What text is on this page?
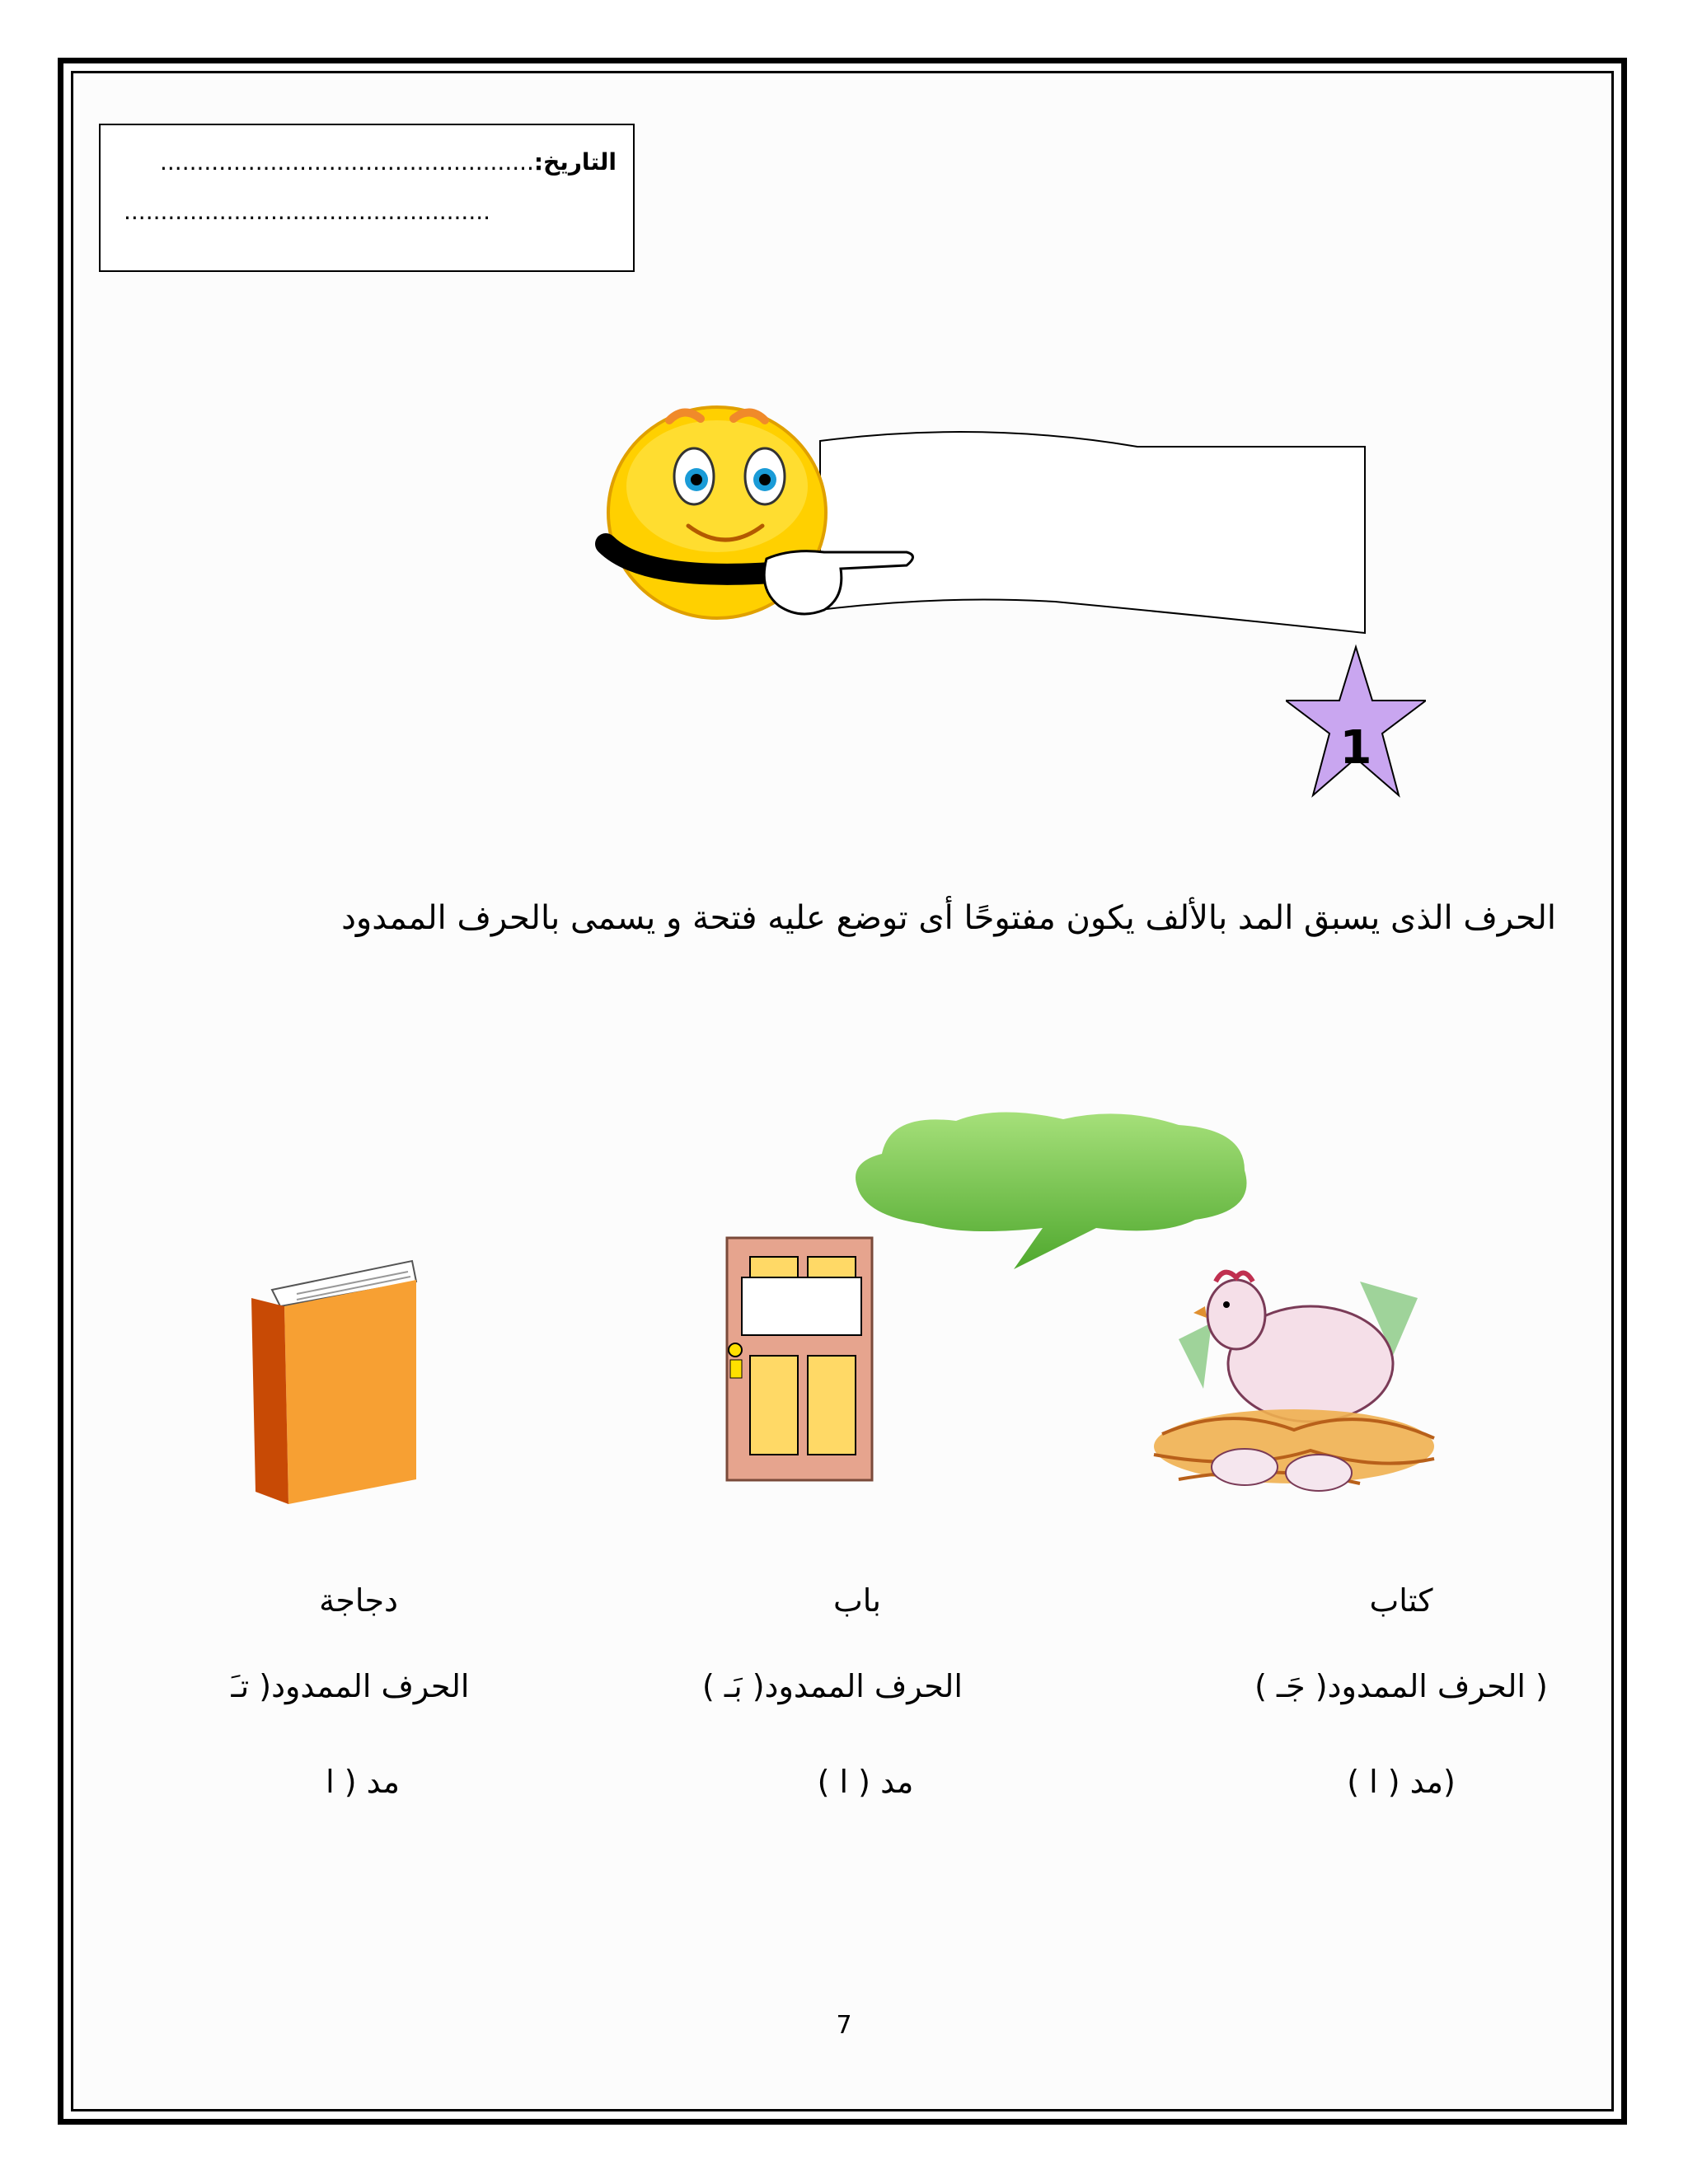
التاريخ:...................................................
..................................................
1
الحرف الذى يسبق المد بالألف يكون مفتوحًا أى توضع عليه فتحة و يسمى بالحرف الممدود
كتاب
( الحرف الممدود( جَـ )
(مد ( ا )
باب
الحرف الممدود( بَـ )
مد ( ا )
دجاجة
الحرف الممدود( تـَ
مد ( ا
7
